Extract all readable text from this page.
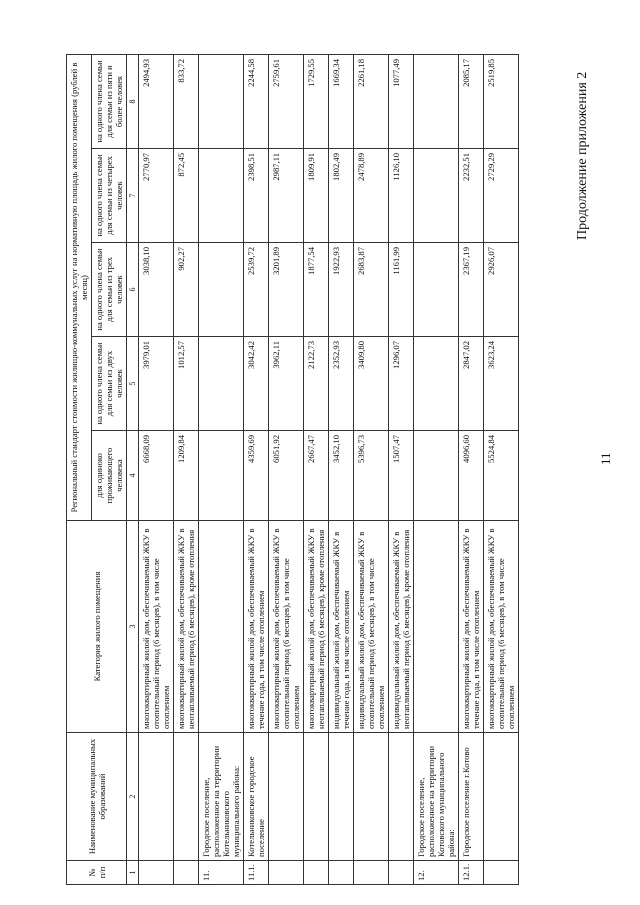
11
Продолжение приложения 2
№ п/п	Наименование муниципальных образований	Категория жилого помещения	Региональный стандарт стоимости жилищно-коммунальных услуг на нормативную площадь жилого помещения (рублей в месяц)				
			для одиноко проживающего человека	на одного члена семьи для семьи из двух человек	на одного члена семьи для семьи из трех человек	на одного члена семьи для семьи из четырех человек	на одного члена семьи для семьи из пяти и более человек
1	2	3	4	5	6	7	8
		многоквартирный жилой дом, обеспечиваемый ЖКУ в отопительный период (6 месяцев), в том числе отоплением	6668,09	3979,01	3038,10	2770,97	2494,93
		многоквартирный жилой дом, обеспечиваемый ЖКУ в неотапливаемый период (6 месяцев), кроме отопления	1209,84	1012,57	902,27	872,45	833,72
11.	Городское поселение, расположенное на территории Котельниковского муниципального района:						
11.1.	Котельниковское городское поселение	многоквартирный жилой дом, обеспечиваемый ЖКУ в течение года, в том числе отоплением	4359,69	3042,42	2539,72	2398,51	2244,58
		многоквартирный жилой дом, обеспечиваемый ЖКУ в отопительный период (6 месяцев), в том числе отоплением	6051,92	3962,11	3201,89	2987,11	2759,61
		многоквартирный жилой дом, обеспечиваемый ЖКУ в неотапливаемый период (6 месяцев), кроме отопления	2667,47	2122,73	1877,54	1809,91	1729,55
		индивидуальный жилой дом, обеспечиваемый ЖКУ в течение года, в том числе отоплением	3452,10	2352,93	1922,93	1802,49	1669,34
		индивидуальный жилой дом, обеспечиваемый ЖКУ в отопительный период (6 месяцев), в том числе отоплением	5396,73	3409,80	2683,87	2478,89	2261,18
		индивидуальный жилой дом, обеспечиваемый ЖКУ в неотапливаемый период (6 месяцев), кроме отопления	1507,47	1296,07	1161,99	1126,10	1077,49
12.	Городское поселение, расположенное на территории Котовского муниципального района:						
12.1.	Городское поселение г.Котово	многоквартирный жилой дом, обеспечиваемый ЖКУ в течение года, в том числе отоплением	4096,60	2847,02	2367,19	2232,51	2085,17
		многоквартирный жилой дом, обеспечиваемый ЖКУ в отопительный период (6 месяцев), в том числе отоплением	5524,84	3623,24	2926,07	2729,29	2519,85
